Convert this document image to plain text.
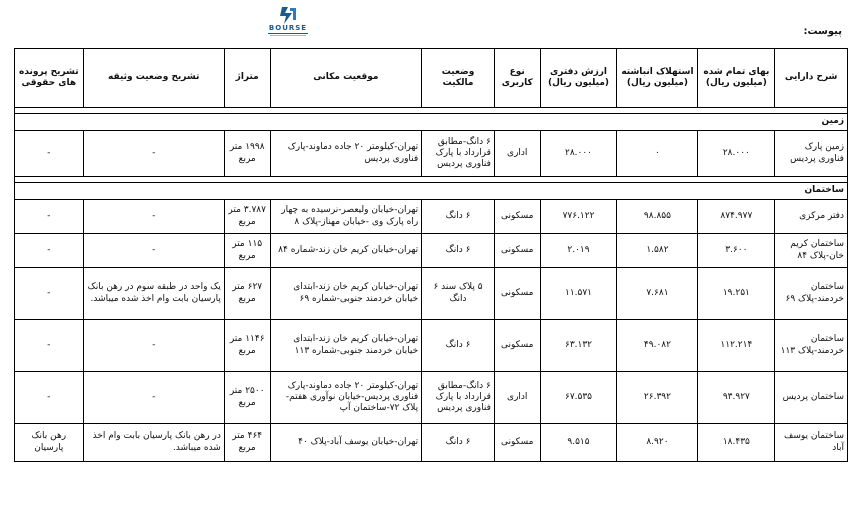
BOURSE	پیوست:
شرح دارایی	بهای تمام شده (میلیون ریال)	استهلاک انباشته (میلیون ریال)	ارزش دفتری (میلیون ریال)	نوع کاربری	وضعیت مالکیت	موقعیت مکانی	متراژ	تشریح وضعیت وثیقه	تشریح پرونده های حقوقی

زمین									
زمین پارک فناوری پردیس	۲۸.۰۰۰	۰	۲۸.۰۰۰	اداری	۶ دانگ-مطابق قرارداد با پارک فناوری پردیس	تهران-کیلومتر ۲۰ جاده دماوند-پارک فناوری پردیس	۱۹۹۸ متر مربع	-	-

ساختمان									
دفتر مرکزی	۸۷۴.۹۷۷	۹۸.۸۵۵	۷۷۶.۱۲۲	مسکونی	۶ دانگ	تهران-خیابان ولیعصر-نرسیده به چهار راه پارک وی -خیابان مهناز-پلاک ۸	۳.۷۸۷ متر مربع	-	-
ساختمان کریم خان-پلاک ۸۴	۳.۶۰۰	۱.۵۸۲	۲.۰۱۹	مسکونی	۶ دانگ	تهران-خیابان کریم خان زند-شماره ۸۴	۱۱۵ متر مربع	-	-
ساختمان خردمند-پلاک ۶۹	۱۹.۲۵۱	۷.۶۸۱	۱۱.۵۷۱	مسکونی	۵ پلاک سند ۶ دانگ	تهران-خیابان کریم خان زند-ابتدای خیابان خردمند جنوبی-شماره ۶۹	۶۲۷ متر مربع	یک واحد در طبقه سوم در رهن بانک پارسیان بابت وام اخذ شده میباشد.	-
ساختمان خردمند-پلاک ۱۱۳	۱۱۲.۲۱۴	۴۹.۰۸۲	۶۳.۱۳۲	مسکونی	۶ دانگ	تهران-خیابان کریم خان زند-ابتدای خیابان خردمند جنوبی-شماره ۱۱۳	۱۱۴۶ متر مربع	-	-
ساختمان پردیس	۹۳.۹۲۷	۲۶.۳۹۲	۶۷.۵۳۵	اداری	۶ دانگ-مطابق قرارداد با پارک فناوری پردیس	تهران-کیلومتر ۲۰ جاده دماوند-پارک فناوری پردیس-خیابان نوآوری هفتم-پلاک ۷۲-ساختمان آپ	۲۵۰۰ متر مربع	-	-
ساختمان یوسف آباد	۱۸.۴۳۵	۸.۹۲۰	۹.۵۱۵	مسکونی	۶ دانگ	تهران-خیابان یوسف آباد-پلاک ۴۰	۴۶۴ متر مربع	در رهن بانک پارسیان بابت وام اخذ شده میباشد.	رهن بانک پارسیان
